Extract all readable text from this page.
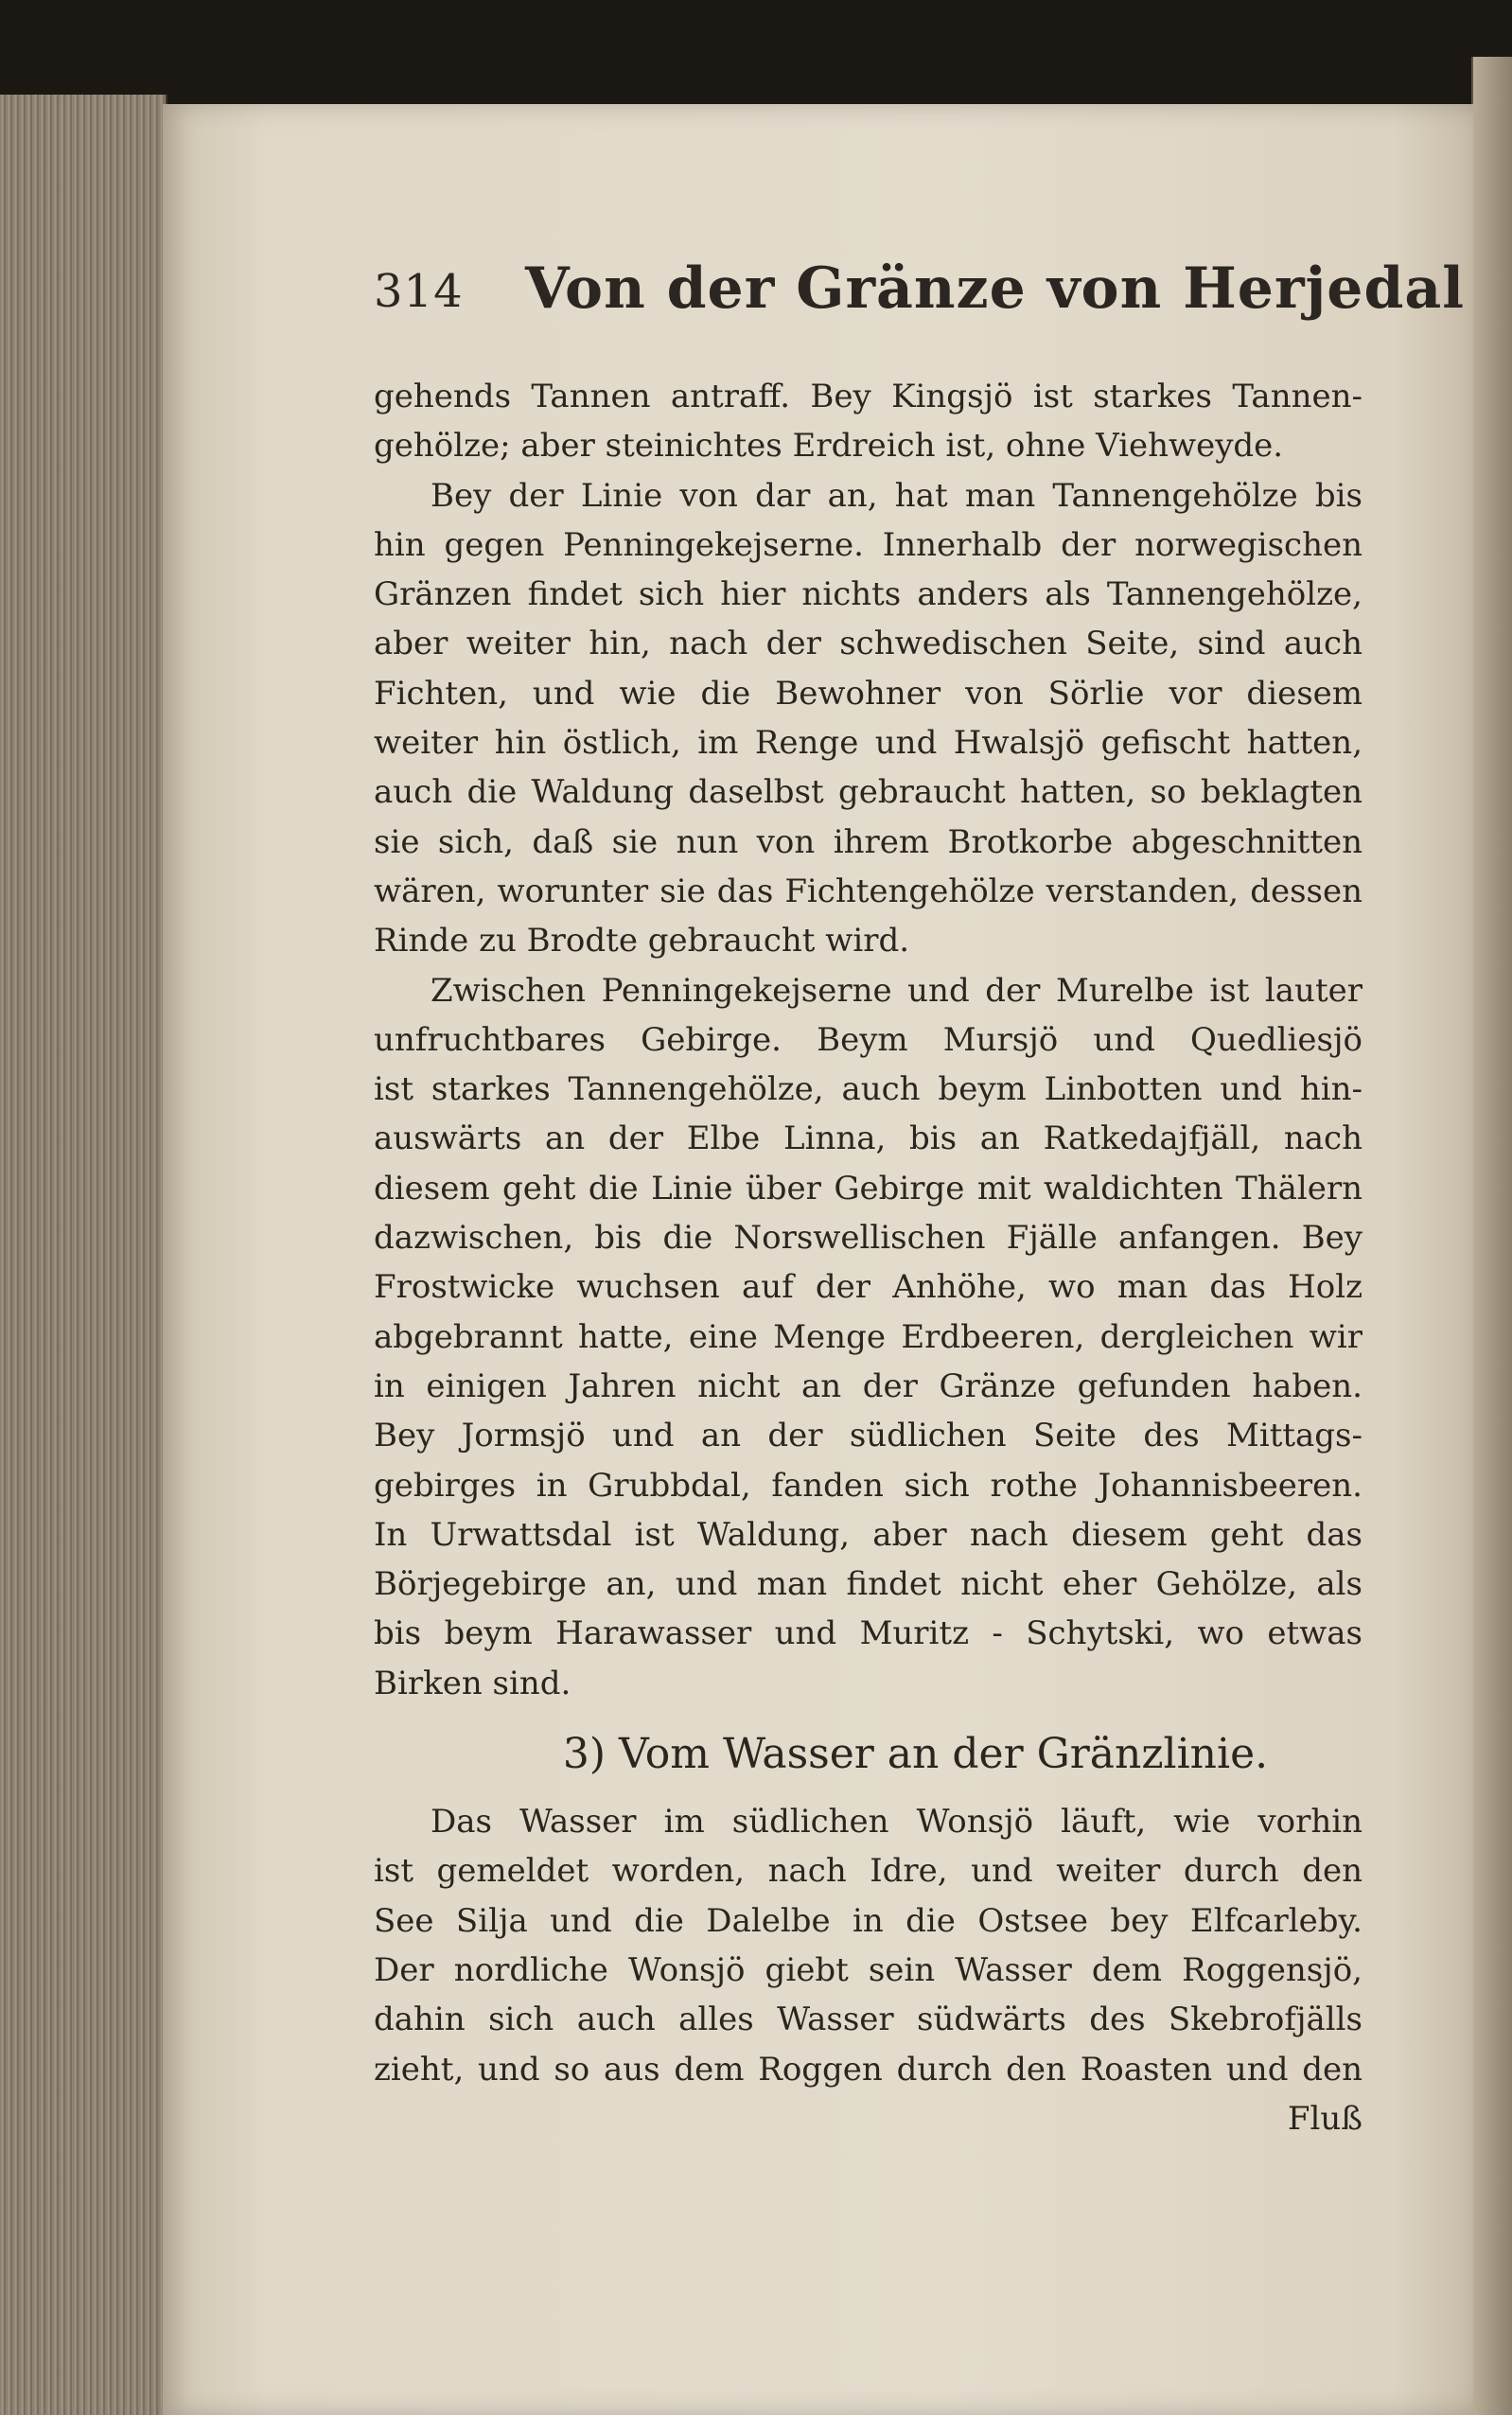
314 Von der Gränze von Herjedal
gehends Tannen antraff. Bey Kingsjö ist starkes Tannen-
gehölze; aber steinichtes Erdreich ist, ohne Viehweyde.
Bey der Linie von dar an, hat man Tannengehölze bis
hin gegen Penningekejserne. Innerhalb der norwegischen
Gränzen findet sich hier nichts anders als Tannengehölze,
aber weiter hin, nach der schwedischen Seite, sind auch
Fichten, und wie die Bewohner von Sörlie vor diesem
weiter hin östlich, im Renge und Hwalsjö gefischt hatten,
auch die Waldung daselbst gebraucht hatten, so beklagten
sie sich, daß sie nun von ihrem Brotkorbe abgeschnitten
wären, worunter sie das Fichtengehölze verstanden, dessen
Rinde zu Brodte gebraucht wird.
Zwischen Penningekejserne und der Murelbe ist lauter
unfruchtbares Gebirge. Beym Mursjö und Quedliesjö
ist starkes Tannengehölze, auch beym Linbotten und hin-
auswärts an der Elbe Linna, bis an Ratkedajfjäll, nach
diesem geht die Linie über Gebirge mit waldichten Thälern
dazwischen, bis die Norswellischen Fjälle anfangen. Bey
Frostwicke wuchsen auf der Anhöhe, wo man das Holz
abgebrannt hatte, eine Menge Erdbeeren, dergleichen wir
in einigen Jahren nicht an der Gränze gefunden haben.
Bey Jormsjö und an der südlichen Seite des Mittags-
gebirges in Grubbdal, fanden sich rothe Johannisbeeren.
In Urwattsdal ist Waldung, aber nach diesem geht das
Börjegebirge an, und man findet nicht eher Gehölze, als
bis beym Harawasser und Muritz - Schytski, wo etwas
Birken sind.
3) Vom Wasser an der Gränzlinie.
Das Wasser im südlichen Wonsjö läuft, wie vorhin
ist gemeldet worden, nach Idre, und weiter durch den
See Silja und die Dalelbe in die Ostsee bey Elfcarleby.
Der nordliche Wonsjö giebt sein Wasser dem Roggensjö,
dahin sich auch alles Wasser südwärts des Skebrofjälls
zieht, und so aus dem Roggen durch den Roasten und den
Fluß
